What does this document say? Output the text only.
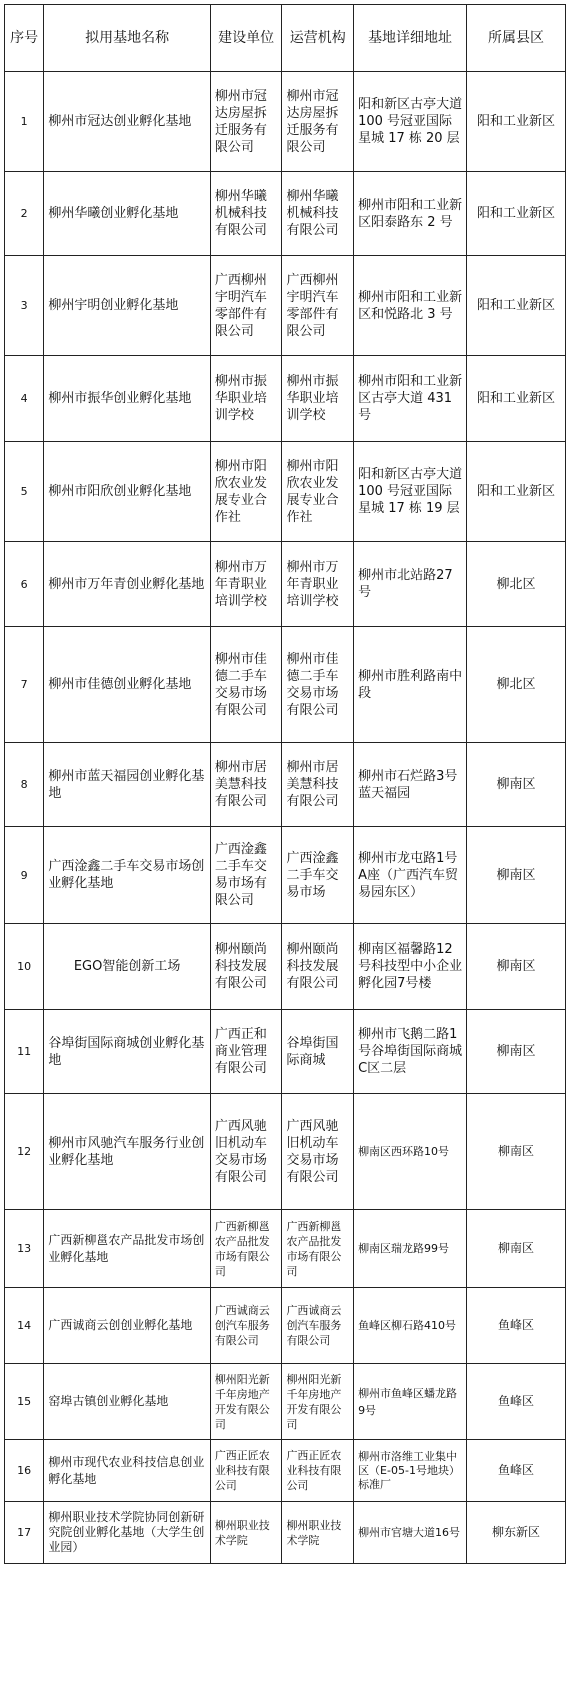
序号	拟用基地名称	建设单位	运营机构	基地详细地址	所属县区
1	柳州市冠达创业孵化基地	柳州市冠达房屋拆迁服务有限公司	柳州市冠达房屋拆迁服务有限公司	阳和新区古亭大道 100 号冠亚国际星城 17 栋 20 层	阳和工业新区
2	柳州华曦创业孵化基地	柳州华曦机械科技有限公司	柳州华曦机械科技有限公司	柳州市阳和工业新区阳泰路东 2 号	阳和工业新区
3	柳州宇明创业孵化基地	广西柳州宇明汽车零部件有限公司	广西柳州宇明汽车零部件有限公司	柳州市阳和工业新区和悦路北 3 号	阳和工业新区
4	柳州市振华创业孵化基地	柳州市振华职业培训学校	柳州市振华职业培训学校	柳州市阳和工业新区古亭大道 431 号	阳和工业新区
5	柳州市阳欣创业孵化基地	柳州市阳欣农业发展专业合作社	柳州市阳欣农业发展专业合作社	阳和新区古亭大道 100 号冠亚国际星城 17 栋 19 层	阳和工业新区
6	柳州市万年青创业孵化基地	柳州市万年青职业培训学校	柳州市万年青职业培训学校	柳州市北站路27号	柳北区
7	柳州市佳德创业孵化基地	柳州市佳德二手车交易市场有限公司	柳州市佳德二手车交易市场有限公司	柳州市胜利路南中段	柳北区
8	柳州市蓝天福园创业孵化基地	柳州市居美慧科技有限公司	柳州市居美慧科技有限公司	柳州市石烂路3号蓝天福园	柳南区
9	广西淦鑫二手车交易市场创业孵化基地	广西淦鑫二手车交易市场有限公司	广西淦鑫二手车交易市场	柳州市龙屯路1号A座（广西汽车贸易园东区）	柳南区
10	EGO智能创新工场	柳州颐尚科技发展有限公司	柳州颐尚科技发展有限公司	柳南区福馨路12号科技型中小企业孵化园7号楼	柳南区
11	谷埠街国际商城创业孵化基地	广西正和商业管理有限公司	谷埠街国际商城	柳州市飞鹅二路1号谷埠街国际商城C区二层	柳南区
12	柳州市风驰汽车服务行业创业孵化基地	广西风驰旧机动车交易市场有限公司	广西风驰旧机动车交易市场有限公司	柳南区西环路10号	柳南区
13	广西新柳邕农产品批发市场创业孵化基地	广西新柳邕农产品批发市场有限公司	广西新柳邕农产品批发市场有限公司	柳南区瑞龙路99号	柳南区
14	广西诚商云创创业孵化基地	广西诚商云创汽车服务有限公司	广西诚商云创汽车服务有限公司	鱼峰区柳石路410号	鱼峰区
15	窑埠古镇创业孵化基地	柳州阳光新千年房地产开发有限公司	柳州阳光新千年房地产开发有限公司	柳州市鱼峰区蟠龙路9号	鱼峰区
16	柳州市现代农业科技信息创业孵化基地	广西正匠农业科技有限公司	广西正匠农业科技有限公司	柳州市洛维工业集中区（E-05-1号地块）标准厂	鱼峰区
17	柳州职业技术学院协同创新研究院创业孵化基地（大学生创业园）	柳州职业技术学院	柳州职业技术学院	柳州市官塘大道16号	柳东新区
